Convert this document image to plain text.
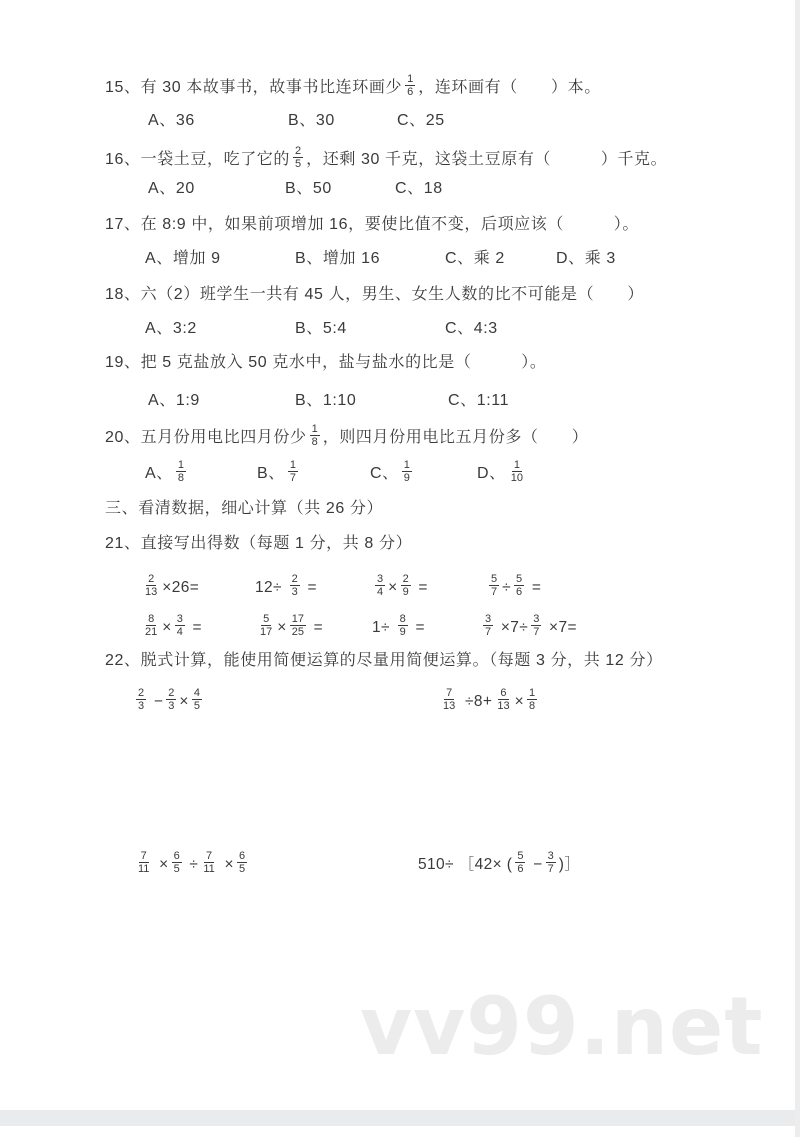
15、有 30 本故事书，故事书比连环画少 $\frac{1}{6}$ ，连环画有（　　）本。
A、36	B、30	C、25
16、一袋土豆，吃了它的 $\frac{2}{5}$ ，还剩 30 千克，这袋土豆原有（　　　）千克。
A、20	B、50	C、18
17、在 8:9 中，如果前项增加 16，要使比值不变，后项应该（　　　）。
A、增加 9	B、增加 16	C、乘 2	D、乘 3
18、六（2）班学生一共有 45 人，男生、女生人数的比不可能是（　　）
A、3:2	B、5:4	C、4:3
19、把 5 克盐放入 50 克水中，盐与盐水的比是（　　　）。
A、1:9	B、1:10	C、1:11
20、五月份用电比四月份少 $\frac{1}{8}$ ，则四月份用电比五月份多（　　）
A、 $\frac{1}{8}$	B、 $\frac{1}{7}$	C、 $\frac{1}{9}$	D、 $\frac{1}{10}$
三、看清数据，细心计算（共 26 分）
21、直接写出得数（每题 1 分，共 8 分）
$\frac{2}{13} \times 26=$	$12\div \frac{2}{3}$ =	$\frac{3}{4} \times \frac{2}{9}$ =	$\frac{5}{7} \div \frac{5}{6}$ =
$\frac{8}{21} \times \frac{3}{4}$ =	$\frac{5}{17} \times \frac{17}{25}$ =	$1\div \frac{8}{9}$ =	$\frac{3}{7} \times 7\div \frac{3}{7} \times 7=$
22、脱式计算，能使用简便运算的尽量用简便运算。（每题 3 分，共 12 分）
$\frac{2}{3} - \frac{2}{3} \times \frac{4}{5}$	$\frac{7}{13} \div 8+ \frac{6}{13} \times \frac{1}{8}$
$\frac{7}{11} \times \frac{6}{5} \div \frac{7}{11} \times \frac{6}{5}$	510÷ ［42× ( $\frac{5}{6} - \frac{3}{7}$ )］
vv99.net
